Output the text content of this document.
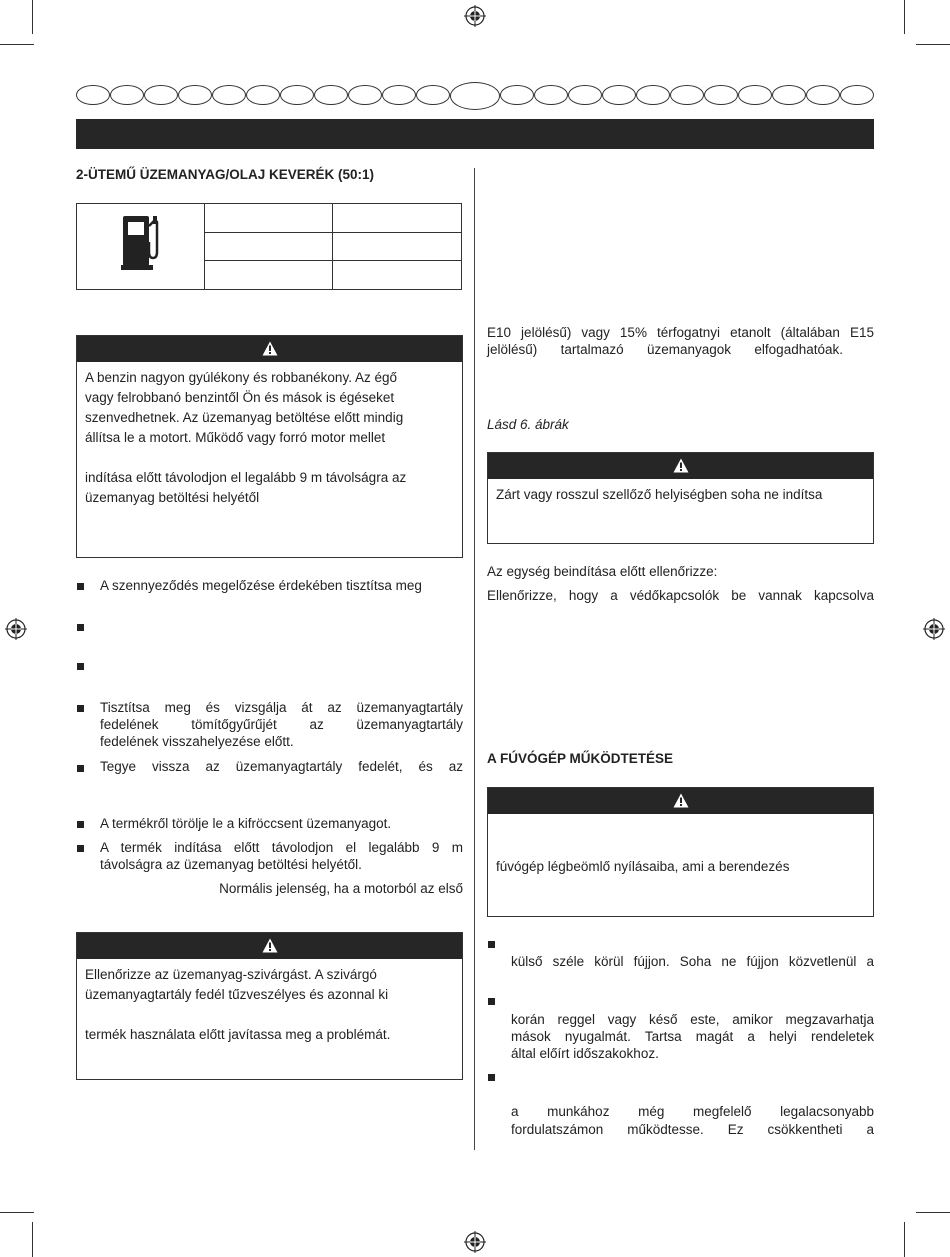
2-ÜTEMŰ ÜZEMANYAG/OLAJ KEVERÉK (50:1)

A benzin nagyon gyúlékony és robbanékony. Az égő

vagy felrobbanó benzintől Ön és mások is égéseket

szenvedhetnek. Az üzemanyag betöltése előtt mindig

állítsa le a motort. Működő vagy forró motor mellet

indítása előtt távolodjon el legalább 9 m távolságra az

üzemanyag betöltési helyétől

A szennyeződés megelőzése érdekében tisztítsa meg
Tisztítsa meg és vizsgálja át az üzemanyagtartály
fedelének tömítőgyűrűjét az üzemanyagtartály
fedelének visszahelyezése előtt.
Tegye vissza az üzemanyagtartály fedelét, és az
A termékről törölje le a kifröccsent üzemanyagot.
A termék indítása előtt távolodjon el legalább 9 m
távolságra az üzemanyag betöltési helyétől.
Normális jelenség, ha a motorból az első

Ellenőrizze az üzemanyag-szivárgást. A szivárgó

üzemanyagtartály fedél tűzveszélyes és azonnal ki

termék használata előtt javítassa meg a problémát.

E10 jelölésű) vagy 15% térfogatnyi etanolt (általában E15
jelölésű) tartalmazó üzemanyagok elfogadhatóak.
Lásd 6. ábrák

Zárt vagy rosszul szellőző helyiségben soha ne indítsa

Az egység beindítása előtt ellenőrizze:
Ellenőrizze, hogy a védőkapcsolók be vannak kapcsolva
A FÚVÓGÉP MŰKÖDTETÉSE

fúvógép légbeömlő nyílásaiba, ami a berendezés

külső széle körül fújjon. Soha ne fújjon közvetlenül a
korán reggel vagy késő este, amikor megzavarhatja
mások nyugalmát. Tartsa magát a helyi rendeletek
által előírt időszakokhoz.
a munkához még megfelelő legalacsonyabb
fordulatszámon működtesse. Ez csökkentheti a
